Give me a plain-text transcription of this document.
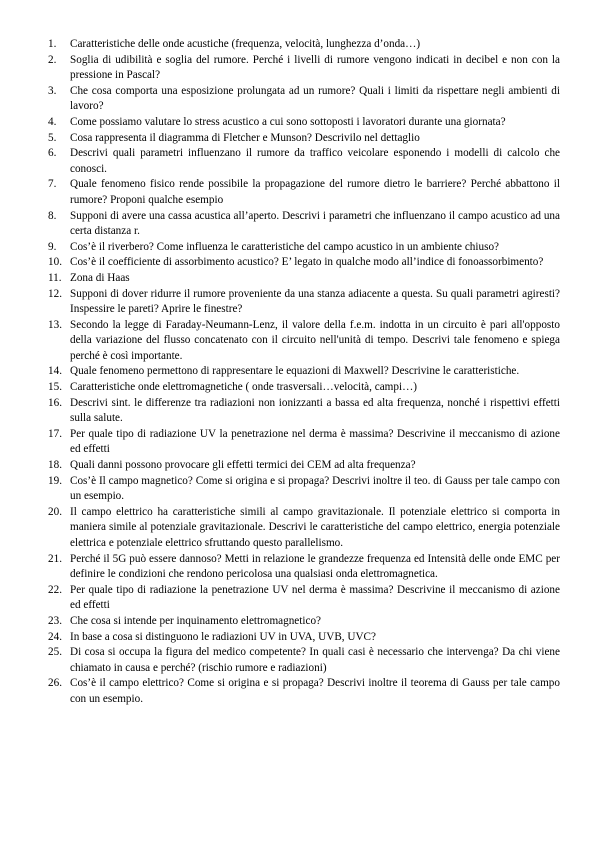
1.	Caratteristiche delle onde acustiche (frequenza, velocità, lunghezza d’onda…)
2.	Soglia di udibilità e soglia del rumore. Perché i livelli di rumore vengono indicati in decibel e non con la pressione in Pascal?
3.	Che cosa comporta una esposizione prolungata ad un rumore? Quali i limiti da rispettare negli ambienti di lavoro?
4.	Come possiamo valutare lo stress acustico a cui sono sottoposti i lavoratori durante una giornata?
5.	Cosa rappresenta il diagramma di Fletcher e Munson? Descrivilo nel dettaglio
6.	Descrivi quali parametri influenzano il rumore da traffico veicolare esponendo i modelli di calcolo che conosci.
7.	Quale fenomeno fisico rende possibile la propagazione del rumore dietro le barriere? Perché abbattono il rumore? Proponi qualche esempio
8.	Supponi di avere una cassa acustica all’aperto. Descrivi i parametri che influenzano il campo acustico ad una certa distanza r.
9.	Cos’è il riverbero? Come influenza le caratteristiche del campo acustico in un ambiente chiuso?
10. Cos’è il coefficiente di assorbimento acustico? E’ legato in qualche modo all’indice di fonoassorbimento?
11. Zona di Haas
12. Supponi di dover ridurre il rumore proveniente da una stanza adiacente a questa. Su quali parametri agiresti? Inspessire le pareti? Aprire le finestre?
13. Secondo la legge di Faraday-Neumann-Lenz, il valore della f.e.m. indotta in un circuito è pari all'opposto della variazione del flusso concatenato con il circuito nell'unità di tempo. Descrivi tale fenomeno e spiega perché è così importante.
14. Quale fenomeno permettono di rappresentare le equazioni di Maxwell? Descrivine le caratteristiche.
15. Caratteristiche onde elettromagnetiche ( onde trasversali…velocità, campi…)
16. Descrivi sint. le differenze tra radiazioni non ionizzanti a bassa ed alta frequenza, nonché i rispettivi effetti sulla salute.
17. Per quale tipo di radiazione UV la penetrazione nel derma è massima? Descrivine il meccanismo di azione ed effetti
18. Quali danni possono provocare gli effetti termici dei CEM ad alta frequenza?
19. Cos’è Il campo magnetico? Come si origina e si propaga? Descrivi inoltre il teo. di Gauss per tale campo con un esempio.
20. Il campo elettrico ha caratteristiche simili al campo gravitazionale. Il potenziale elettrico si comporta in maniera simile al potenziale gravitazionale. Descrivi le caratteristiche del campo elettrico, energia potenziale elettrica e potenziale elettrico sfruttando questo parallelismo.
21. Perché il 5G può essere dannoso? Metti in relazione le grandezze frequenza ed Intensità delle onde EMC per definire le condizioni che rendono pericolosa una qualsiasi onda elettromagnetica.
22. Per quale tipo di radiazione la penetrazione UV nel derma è massima? Descrivine il meccanismo di azione ed effetti
23. Che cosa si intende per inquinamento elettromagnetico?
24. In base a cosa si distinguono le radiazioni UV in UVA, UVB, UVC?
25. Di cosa si occupa la figura del medico competente? In quali casi è necessario che intervenga? Da chi viene chiamato in causa e perché? (rischio rumore e radiazioni)
26. Cos’è il campo elettrico? Come si origina e si propaga? Descrivi inoltre il teorema di Gauss per tale campo con un esempio.
